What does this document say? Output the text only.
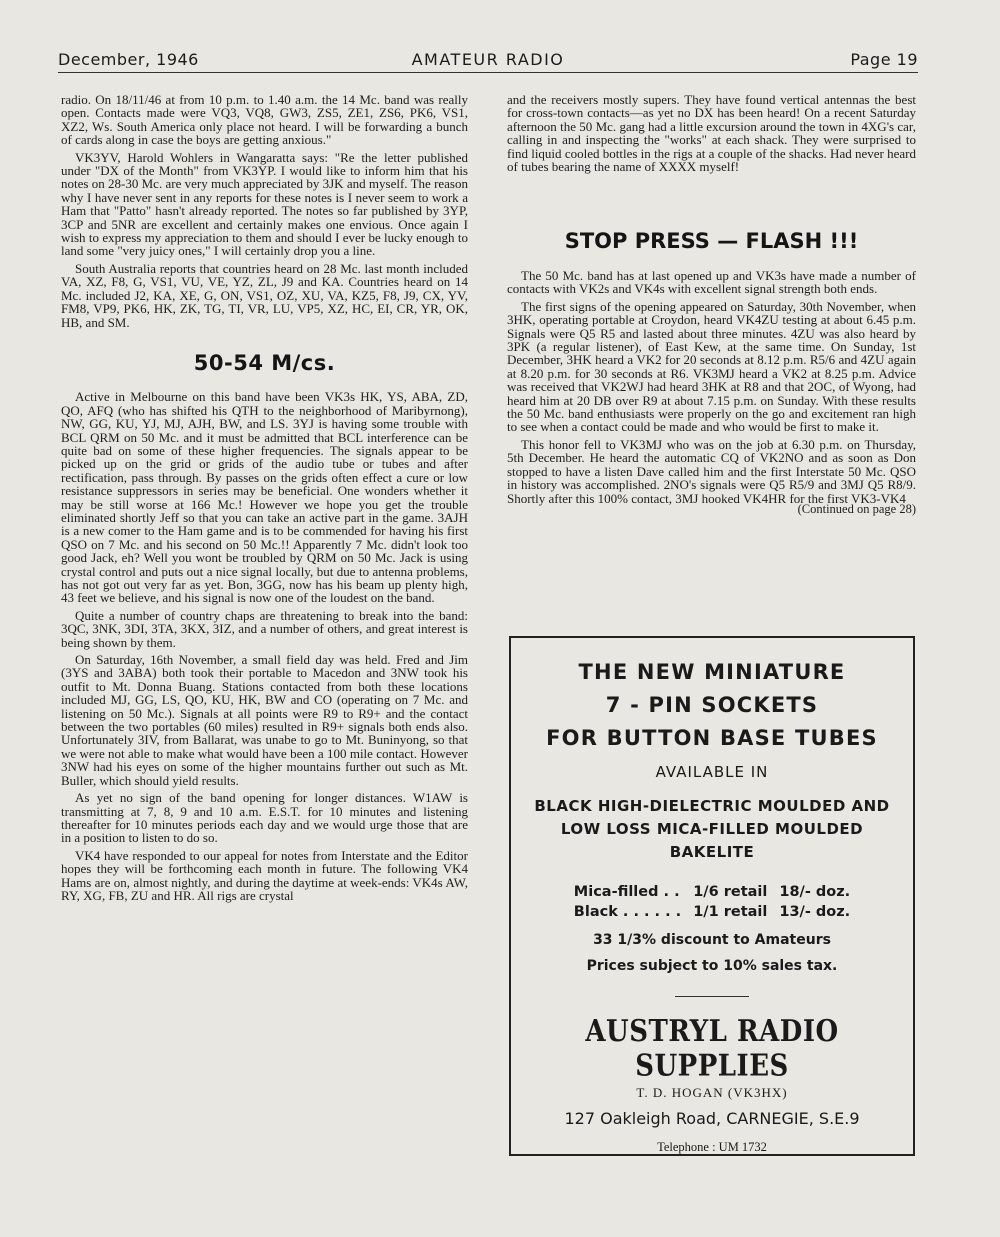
December, 1946	AMATEUR RADIO	Page 19

radio. On 18/11/46 at from 10 p.m. to 1.40 a.m. the 14 Mc. band was really open. Contacts made were VQ3, VQ8, GW3, ZS5, ZE1, ZS6, PK6, VS1, XZ2, Ws. South America only place not heard. I will be forwarding a bunch of cards along in case the boys are getting anxious."

VK3YV, Harold Wohlers in Wangaratta says: "Re the letter published under "DX of the Month" from VK3YP. I would like to inform him that his notes on 28-30 Mc. are very much appreciated by 3JK and myself. The reason why I have never sent in any reports for these notes is I never seem to work a Ham that "Patto" hasn't already reported. The notes so far published by 3YP, 3CP and 5NR are excellent and certainly makes one envious. Once again I wish to express my appreciation to them and should I ever be lucky enough to land some "very juicy ones," I will certainly drop you a line.

South Australia reports that countries heard on 28 Mc. last month included VA, XZ, F8, G, VS1, VU, VE, YZ, ZL, J9 and KA. Countries heard on 14 Mc. included J2, KA, XE, G, ON, VS1, OZ, XU, VA, KZ5, F8, J9, CX, YV, FM8, VP9, PK6, HK, ZK, TG, TI, VR, LU, VP5, XZ, HC, EI, CR, YR, OK, HB, and SM.

50-54 M/cs.

Active in Melbourne on this band have been VK3s HK, YS, ABA, ZD, QO, AFQ (who has shifted his QTH to the neighborhood of Maribyrnong), NW, GG, KU, YJ, MJ, AJH, BW, and LS. 3YJ is having some trouble with BCL QRM on 50 Mc. and it must be admitted that BCL interference can be quite bad on some of these higher frequencies. The signals appear to be picked up on the grid or grids of the audio tube or tubes and after rectification, pass through. By passes on the grids often effect a cure or low resistance suppressors in series may be beneficial. One wonders whether it may be still worse at 166 Mc.! However we hope you get the trouble eliminated shortly Jeff so that you can take an active part in the game. 3AJH is a new comer to the Ham game and is to be commended for having his first QSO on 7 Mc. and his second on 50 Mc.!! Apparently 7 Mc. didn't look too good Jack, eh? Well you wont be troubled by QRM on 50 Mc. Jack is using crystal control and puts out a nice signal locally, but due to antenna problems, has not got out very far as yet. Bon, 3GG, now has his beam up plenty high, 43 feet we believe, and his signal is now one of the loudest on the band.

Quite a number of country chaps are threatening to break into the band: 3QC, 3NK, 3DI, 3TA, 3KX, 3IZ, and a number of others, and great interest is being shown by them.

On Saturday, 16th November, a small field day was held. Fred and Jim (3YS and 3ABA) both took their portable to Macedon and 3NW took his outfit to Mt. Donna Buang. Stations contacted from both these locations included MJ, GG, LS, QO, KU, HK, BW and CO (operating on 7 Mc. and listening on 50 Mc.). Signals at all points were R9 to R9+ and the contact between the two portables (60 miles) resulted in R9+ signals both ends also. Unfortunately 3IV, from Ballarat, was unabe to go to Mt. Buninyong, so that we were not able to make what would have been a 100 mile contact. However 3NW had his eyes on some of the higher mountains further out such as Mt. Buller, which should yield results.

As yet no sign of the band opening for longer distances. W1AW is transmitting at 7, 8, 9 and 10 a.m. E.S.T. for 10 minutes and listening thereafter for 10 minutes periods each day and we would urge those that are in a position to listen to do so.

VK4 have responded to our appeal for notes from Interstate and the Editor hopes they will be forthcoming each month in future. The following VK4 Hams are on, almost nightly, and during the daytime at week-ends: VK4s AW, RY, XG, FB, ZU and HR. All rigs are crystal

and the receivers mostly supers. They have found vertical antennas the best for cross-town contacts—as yet no DX has been heard! On a recent Saturday afternoon the 50 Mc. gang had a little excursion around the town in 4XG's car, calling in and inspecting the "works" at each shack. They were surprised to find liquid cooled bottles in the rigs at a couple of the shacks. Had never heard of tubes bearing the name of XXXX myself!

STOP PRESS — FLASH !!!

The 50 Mc. band has at last opened up and VK3s have made a number of contacts with VK2s and VK4s with excellent signal strength both ends.

The first signs of the opening appeared on Saturday, 30th November, when 3HK, operating portable at Croydon, heard VK4ZU testing at about 6.45 p.m. Signals were Q5 R5 and lasted about three minutes. 4ZU was also heard by 3PK (a regular listener), of East Kew, at the same time. On Sunday, 1st December, 3HK heard a VK2 for 20 seconds at 8.12 p.m. R5/6 and 4ZU again at 8.20 p.m. for 30 seconds at R6. VK3MJ heard a VK2 at 8.25 p.m. Advice was received that VK2WJ had heard 3HK at R8 and that 2OC, of Wyong, had heard him at 20 DB over R9 at about 7.15 p.m. on Sunday. With these results the 50 Mc. band enthusiasts were properly on the go and excitement ran high to see when a contact could be made and who would be first to make it.

This honor fell to VK3MJ who was on the job at 6.30 p.m. on Thursday, 5th December. He heard the automatic CQ of VK2NO and as soon as Don stopped to have a listen Dave called him and the first Interstate 50 Mc. QSO in history was accomplished. 2NO's signals were Q5 R5/9 and 3MJ Q5 R8/9. Shortly after this 100% contact, 3MJ hooked VK4HR for the first VK3-VK4

(Continued on page 28)
THE NEW MINIATURE
7 - PIN SOCKETS
FOR BUTTON BASE TUBES
AVAILABLE IN
BLACK HIGH-DIELECTRIC MOULDED AND
LOW LOSS MICA-FILLED MOULDED
BAKELITE
Mica-filled . .	1/6 retail	18/- doz.
Black . . . . . .	1/1 retail	13/- doz.
33 1/3% discount to Amateurs
Prices subject to 10% sales tax.
AUSTRYL RADIO SUPPLIES
T. D. HOGAN (VK3HX)
127 Oakleigh Road, CARNEGIE, S.E.9
Telephone : UM 1732
